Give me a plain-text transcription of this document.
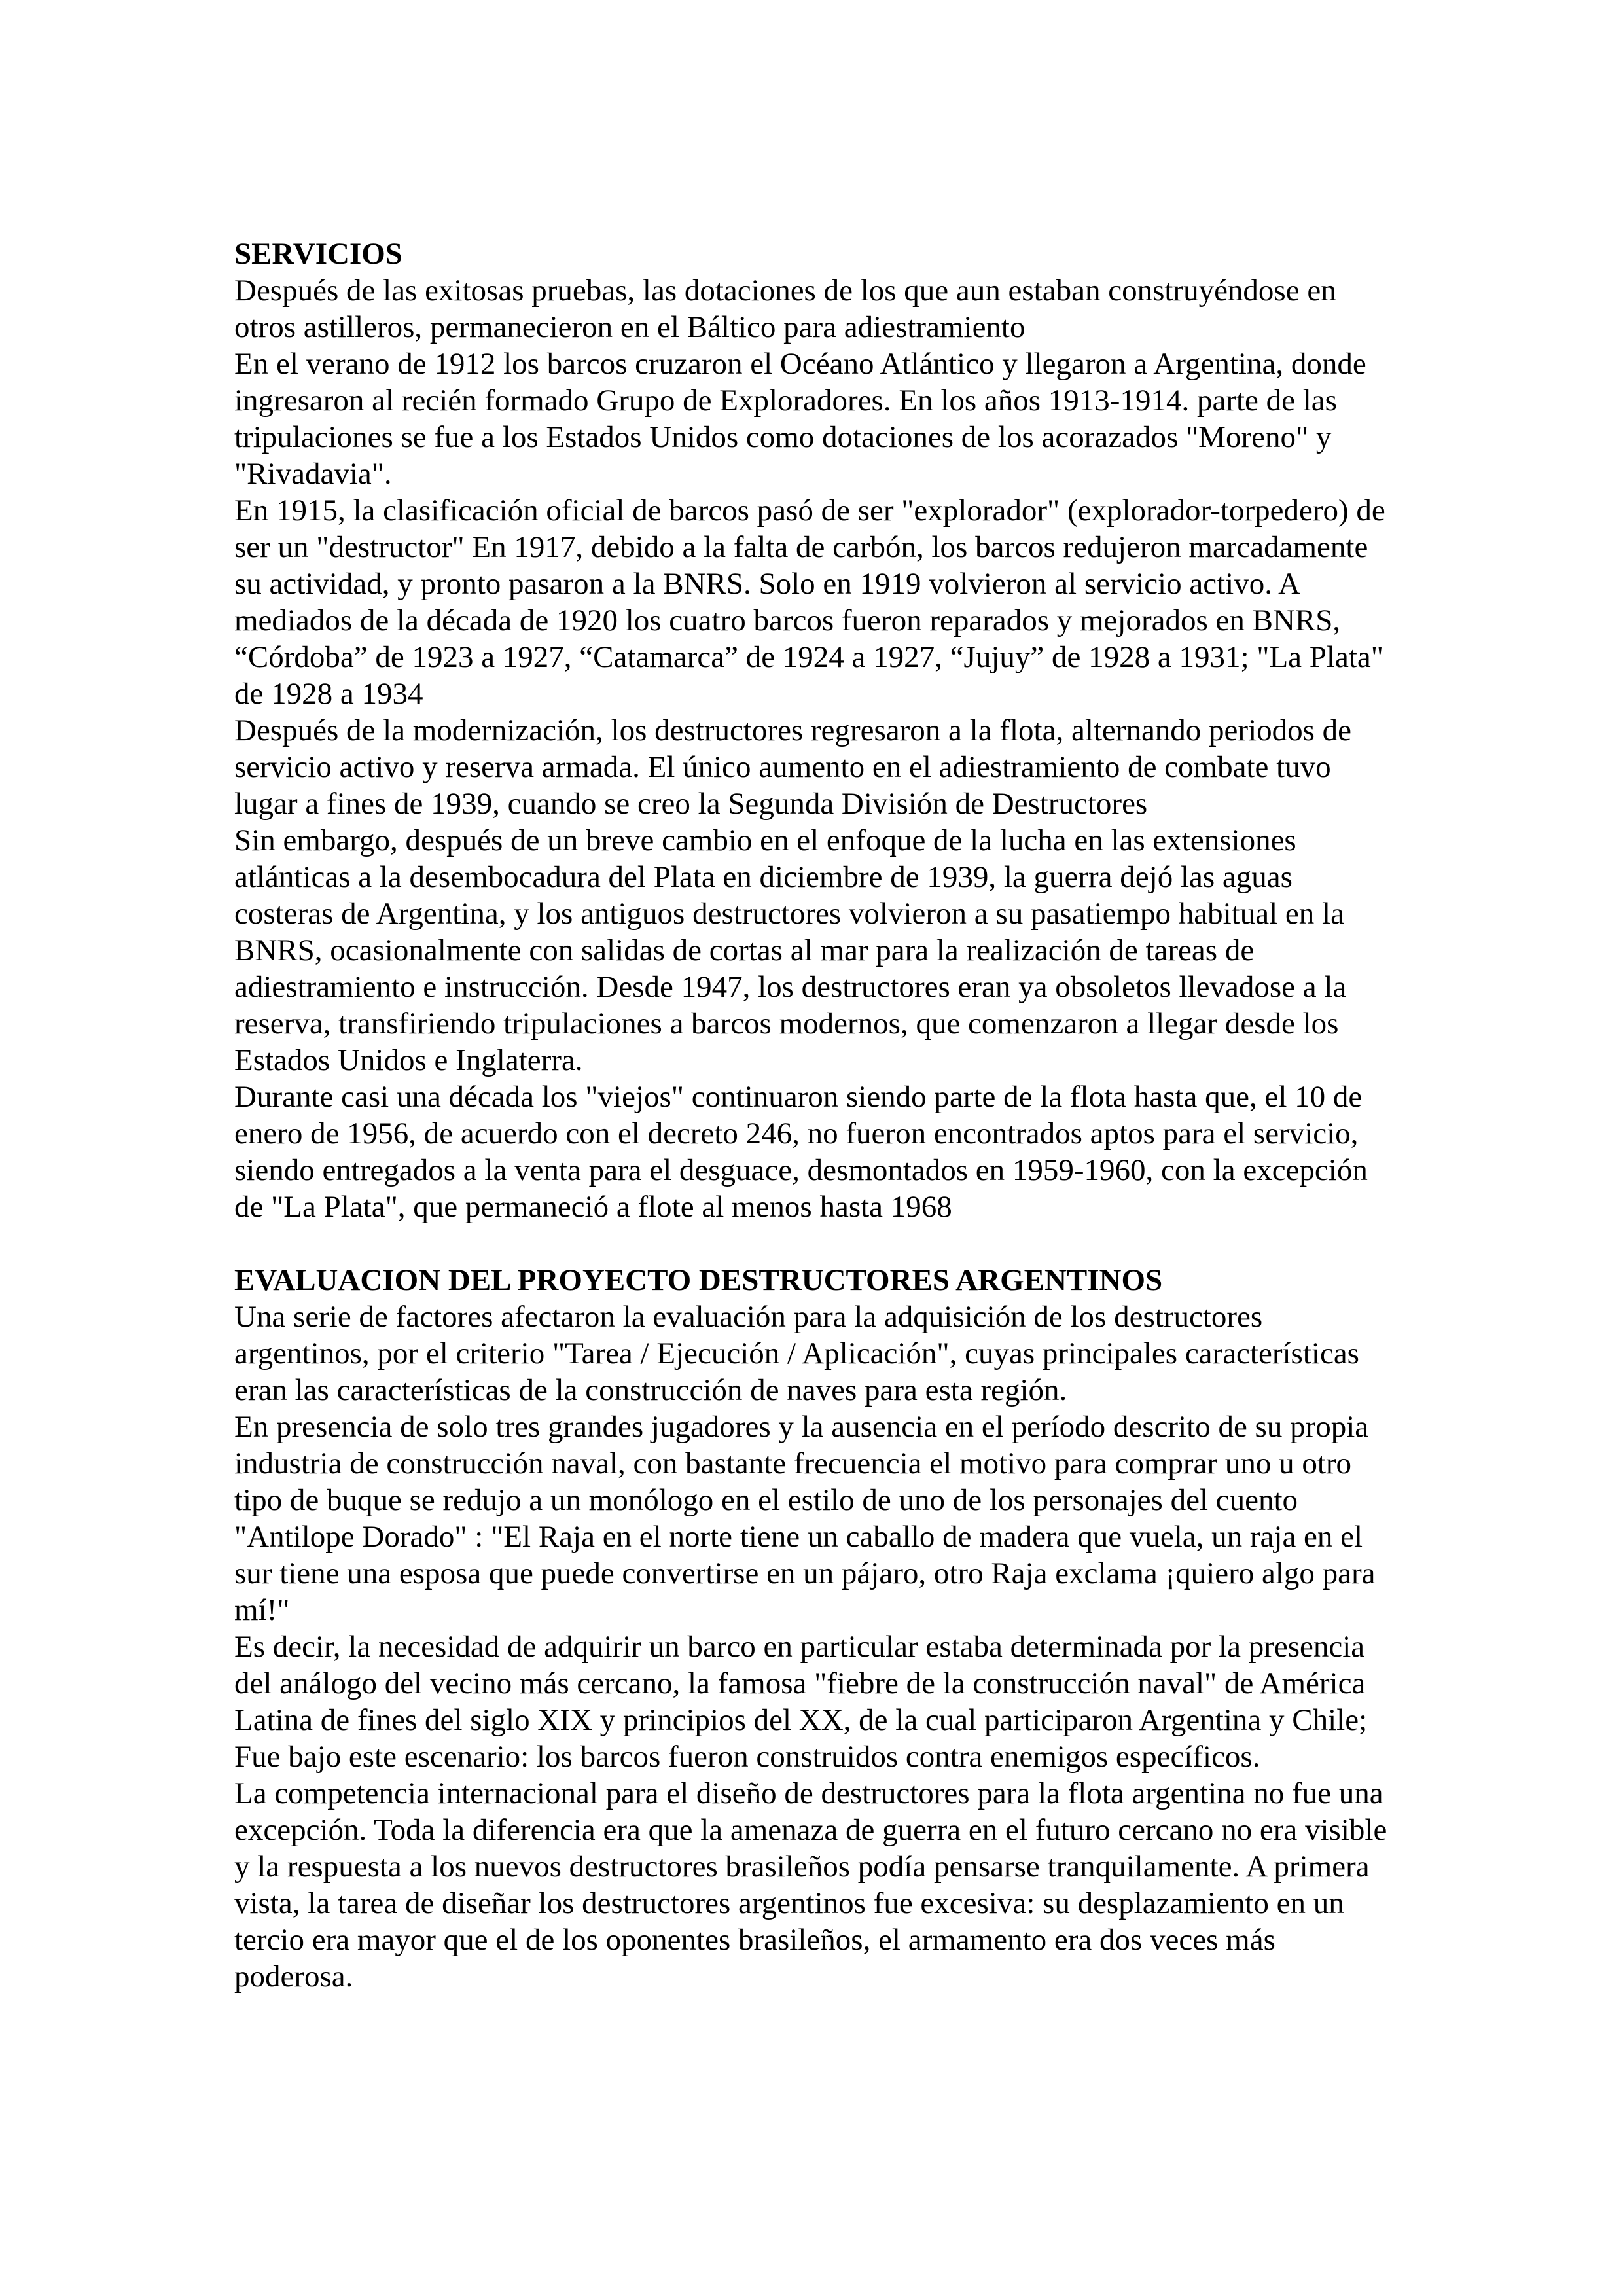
SERVICIOS

Después de las exitosas pruebas, las dotaciones de los que aun estaban construyéndose en otros astilleros, permanecieron en el Báltico para adiestramiento

En el verano de 1912 los barcos cruzaron el Océano Atlántico y llegaron a Argentina, donde ingresaron al recién formado Grupo de Exploradores. En los años 1913-1914. parte de las tripulaciones se fue a los Estados Unidos como dotaciones de los acorazados "Moreno" y "Rivadavia".

En 1915, la clasificación oficial de barcos pasó de ser "explorador" (explorador-torpedero) de ser un "destructor" En 1917, debido a la falta de carbón, los barcos redujeron marcadamente su actividad, y pronto pasaron a la BNRS. Solo en 1919 volvieron al servicio activo. A mediados de la década de 1920 los cuatro barcos fueron reparados y mejorados en BNRS, “Córdoba” de 1923 a 1927, “Catamarca” de 1924 a 1927, “Jujuy” de 1928 a 1931; "La Plata" de 1928 a 1934

Después de la modernización, los destructores regresaron a la flota, alternando periodos de servicio activo y reserva armada. El único aumento en el adiestramiento de combate tuvo lugar a fines de 1939, cuando se creo la Segunda División de Destructores

Sin embargo, después de un breve cambio en el enfoque de la lucha en las extensiones atlánticas a la desembocadura del Plata en diciembre de 1939, la guerra dejó las aguas costeras de Argentina, y los antiguos destructores volvieron a su pasatiempo habitual en la BNRS, ocasionalmente con salidas de cortas al mar para la realización de tareas de adiestramiento e instrucción. Desde 1947, los destructores eran ya obsoletos llevadose a la reserva, transfiriendo tripulaciones a barcos modernos, que comenzaron a llegar desde los Estados Unidos e Inglaterra.

Durante casi una década los "viejos" continuaron siendo parte de la flota hasta que, el 10 de enero de 1956, de acuerdo con el decreto 246, no fueron encontrados aptos para el servicio, siendo entregados a la venta para el desguace, desmontados en 1959-1960, con la excepción de "La Plata", que permaneció a flote al menos hasta 1968

EVALUACION DEL PROYECTO DESTRUCTORES ARGENTINOS

Una serie de factores afectaron la evaluación para la adquisición de los destructores argentinos, por el criterio "Tarea / Ejecución / Aplicación", cuyas principales características eran las características de la construcción de naves para esta región.

En presencia de solo tres grandes jugadores y la ausencia en el período descrito de su propia industria de construcción naval, con bastante frecuencia el motivo para comprar uno u otro tipo de buque se redujo a un monólogo en el estilo de uno de los personajes del cuento "Antilope Dorado" : "El Raja en el norte tiene un caballo de madera que vuela, un raja en el sur tiene una esposa que puede convertirse en un pájaro, otro Raja exclama ¡quiero algo para mí!"

Es decir, la necesidad de adquirir un barco en particular estaba determinada por la presencia del análogo del vecino más cercano, la famosa "fiebre de la construcción naval" de América Latina de fines del siglo XIX y principios del XX, de la cual participaron Argentina y Chile; Fue bajo este escenario: los barcos fueron construidos contra enemigos específicos.

La competencia internacional para el diseño de destructores para la flota argentina no fue una excepción. Toda la diferencia era que la amenaza de guerra en el futuro cercano no era visible y la respuesta a los nuevos destructores brasileños podía pensarse tranquilamente. A primera vista, la tarea de diseñar los destructores argentinos fue excesiva: su desplazamiento en un tercio era mayor que el de los oponentes brasileños, el armamento era dos veces más poderosa.
